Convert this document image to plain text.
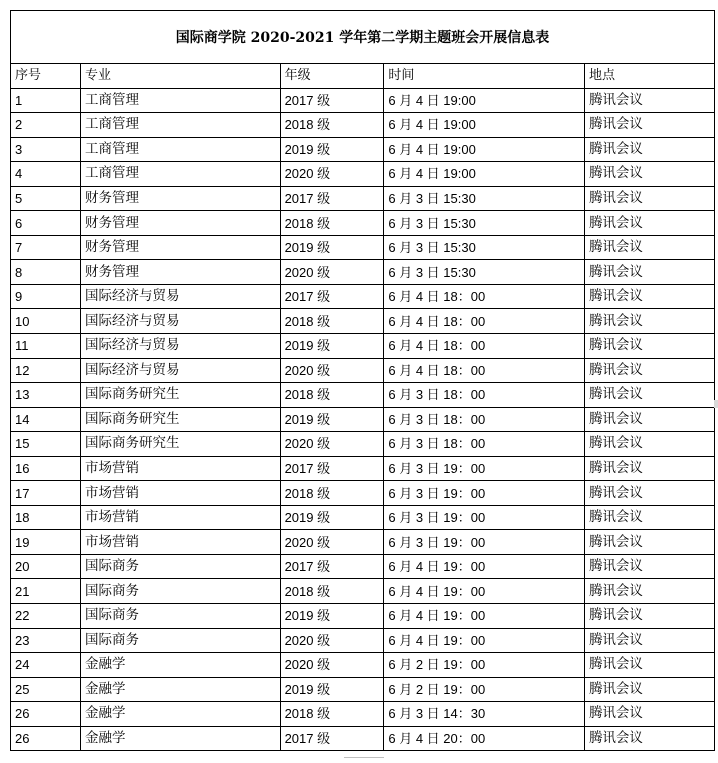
国际商学院 2020-2021 学年第二学期主题班会开展信息表
序号	专业	年级	时间	地点
1	工商管理	2017 级	6 月 4 日 19:00	腾讯会议
2	工商管理	2018 级	6 月 4 日 19:00	腾讯会议
3	工商管理	2019 级	6 月 4 日 19:00	腾讯会议
4	工商管理	2020 级	6 月 4 日 19:00	腾讯会议
5	财务管理	2017 级	6 月 3 日 15:30	腾讯会议
6	财务管理	2018 级	6 月 3 日 15:30	腾讯会议
7	财务管理	2019 级	6 月 3 日 15:30	腾讯会议
8	财务管理	2020 级	6 月 3 日 15:30	腾讯会议
9	国际经济与贸易	2017 级	6 月 4 日 18：00	腾讯会议
10	国际经济与贸易	2018 级	6 月 4 日 18：00	腾讯会议
11	国际经济与贸易	2019 级	6 月 4 日 18：00	腾讯会议
12	国际经济与贸易	2020 级	6 月 4 日 18：00	腾讯会议
13	国际商务研究生	2018 级	6 月 3 日 18：00	腾讯会议
14	国际商务研究生	2019 级	6 月 3 日 18：00	腾讯会议
15	国际商务研究生	2020 级	6 月 3 日 18：00	腾讯会议
16	市场营销	2017 级	6 月 3 日 19：00	腾讯会议
17	市场营销	2018 级	6 月 3 日 19：00	腾讯会议
18	市场营销	2019 级	6 月 3 日 19：00	腾讯会议
19	市场营销	2020 级	6 月 3 日 19：00	腾讯会议
20	国际商务	2017 级	6 月 4 日 19：00	腾讯会议
21	国际商务	2018 级	6 月 4 日 19：00	腾讯会议
22	国际商务	2019 级	6 月 4 日 19：00	腾讯会议
23	国际商务	2020 级	6 月 4 日 19：00	腾讯会议
24	金融学	2020 级	6 月 2 日 19：00	腾讯会议
25	金融学	2019 级	6 月 2 日 19：00	腾讯会议
26	金融学	2018 级	6 月 3 日 14：30	腾讯会议
26	金融学	2017 级	6 月 4 日 20：00	腾讯会议
